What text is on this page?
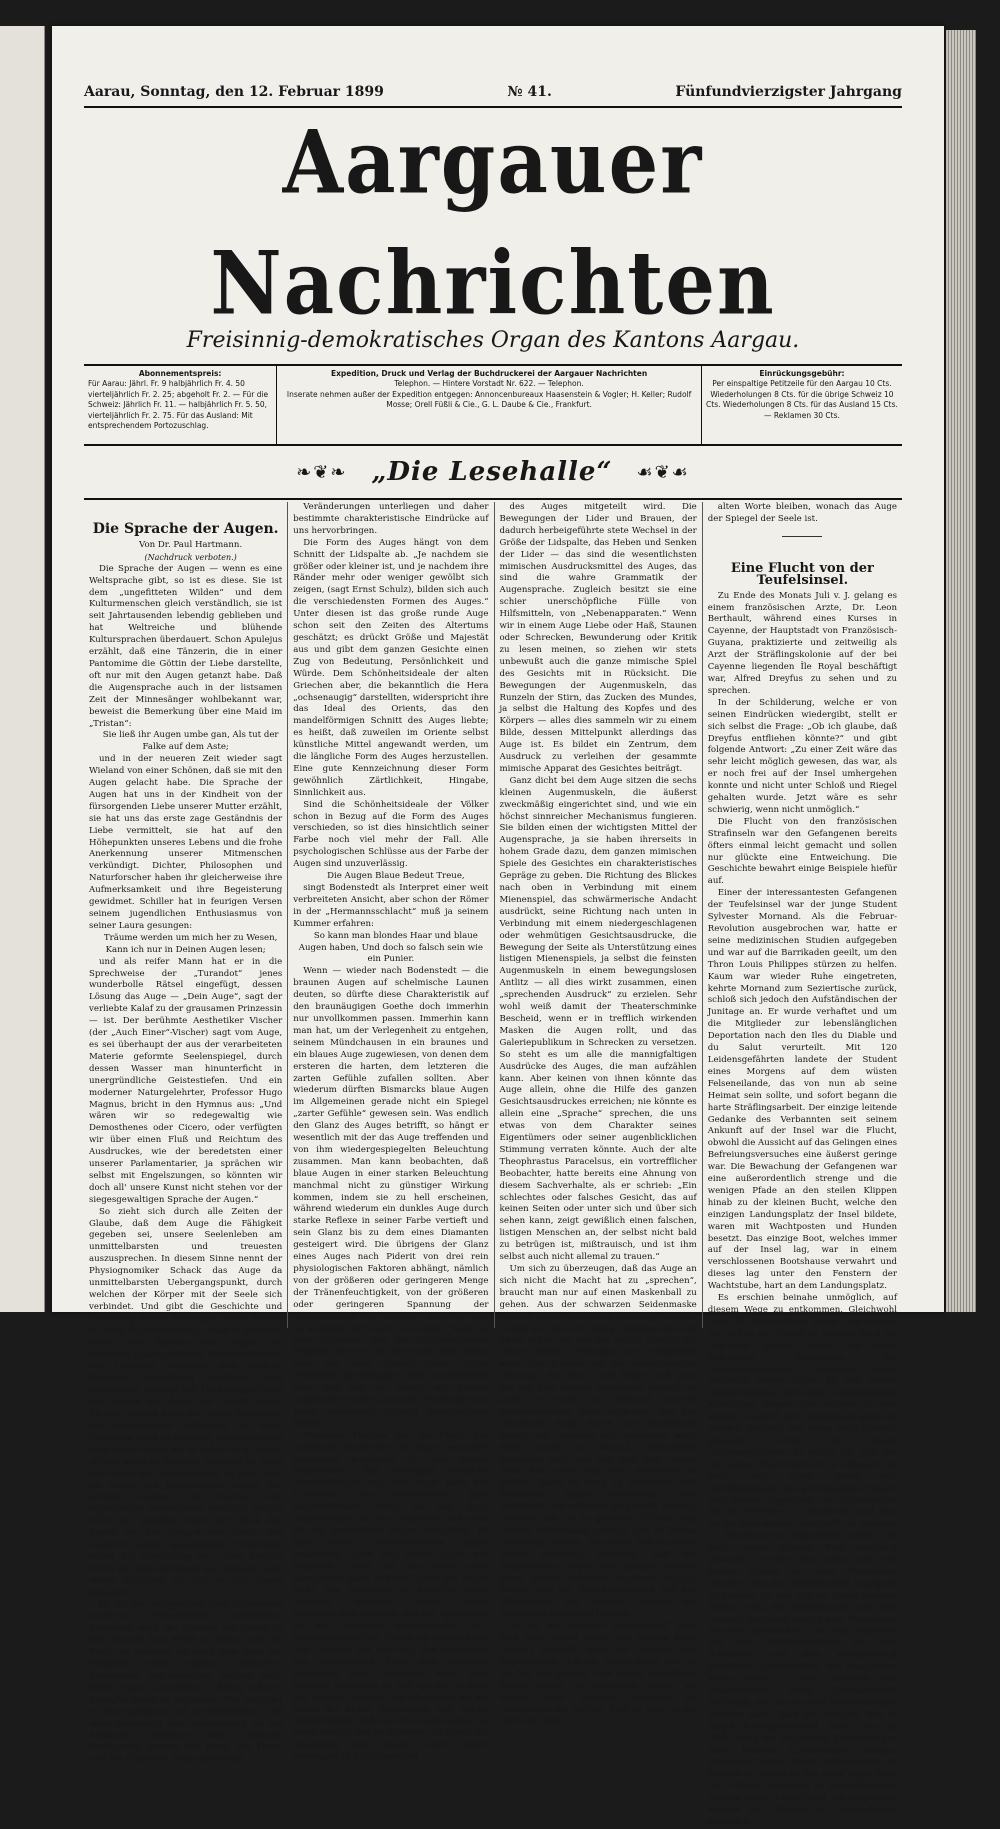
Aarau, Sonntag, den 12. Februar 1899	№ 41.	Fünfundvierzigster Jahrgang
Aargauer Nachrichten
Freisinnig-demokratisches Organ des Kantons Aargau.
Abonnementspreis:
Für Aarau: Jährl. Fr. 9 halbjährlich Fr. 4. 50 vierteljährlich Fr. 2. 25; abgeholt Fr. 2. — Für die Schweiz: Jährlich Fr. 11. — halbjährlich Fr. 5. 50, vierteljährlich Fr. 2. 75. Für das Ausland: Mit entsprechendem Portozuschlag.
Expedition, Druck und Verlag der Buchdruckerei der Aargauer Nachrichten
Telephon. — Hintere Vorstadt Nr. 622. — Telephon.
Inserate nehmen außer der Expedition entgegen: Annoncenbureaux Haasenstein & Vogler; H. Keller; Rudolf Mosse; Orell Füßli & Cie., G. L. Daube & Cie., Frankfurt.
Einrückungsgebühr:
Per einspaltige Petitzeile für den Aargau 10 Cts. Wiederholungen 8 Cts. für die übrige Schweiz 10 Cts. Wiederholungen 8 Cts. für das Ausland 15 Cts. — Reklamen 30 Cts.
❧❦❧ „Die Lesehalle“ ☙❦☙
Die Sprache der Augen.

Von Dr. Paul Hartmann.

(Nachdruck verboten.)

Die Sprache der Augen — wenn es eine Weltsprache gibt, so ist es diese. Sie ist dem „ungefitteten Wilden“ und dem Kulturmenschen gleich verständlich, sie ist seit Jahrtausenden lebendig geblieben und hat Weltreiche und blühende Kultursprachen überdauert. Schon Apulejus erzählt, daß eine Tänzerin, die in einer Pantomime die Göttin der Liebe darstellte, oft nur mit den Augen getanzt habe. Daß die Augensprache auch in der listsamen Zeit der Minnesänger wohlbekannt war, beweist die Bemerkung über eine Maid im „Tristan“:

Sie ließ ihr Augen umbe gan, Als tut der Falke auf dem Aste;

und in der neueren Zeit wieder sagt Wieland von einer Schönen, daß sie mit den Augen gelacht habe. Die Sprache der Augen hat uns in der Kindheit von der fürsorgenden Liebe unserer Mutter erzählt, sie hat uns das erste zage Geständnis der Liebe vermittelt, sie hat auf den Höhepunkten unseres Lebens und die frohe Anerkennung unserer Mitmenschen verkündigt. Dichter, Philosophen und Naturforscher haben ihr gleicherweise ihre Aufmerksamkeit und ihre Begeisterung gewidmet. Schiller hat in feurigen Versen seinem jugendlichen Enthusiasmus von seiner Laura gesungen:

Träume werden um mich her zu Wesen, Kann ich nur in Deinen Augen lesen;

und als reifer Mann hat er in die Sprechweise der „Turandot“ jenes wunderbolle Rätsel eingefügt, dessen Lösung das Auge — „Dein Auge“, sagt der verliebte Kalaf zu der grausamen Prinzessin — ist. Der berühmte Aesthetiker Vischer (der „Auch Einer“-Vischer) sagt vom Auge, es sei überhaupt der aus der verarbeiteten Materie geformte Seelenspiegel, durch dessen Wasser man hinunterficht in unergründliche Geistestiefen. Und ein moderner Naturgelehrter, Professor Hugo Magnus, bricht in den Hymnus aus: „Und wären wir so redegewaltig wie Demosthenes oder Cicero, oder verfügten wir über einen Fluß und Reichtum des Ausdruckes, wie der beredetsten einer unserer Parlamentarier, ja sprächen wir selbst mit Engelszungen, so könnten wir doch all' unsere Kunst nicht stehen vor der siegesgewaltigen Sprache der Augen.“

So zieht sich durch alle Zeiten der Glaube, daß dem Auge die Fähigkeit gegeben sei, unsere Seelenleben am unmittelbarsten und treuesten auszusprechen. In diesem Sinne nennt der Physiognomiker Schack das Auge da unmittelbarsten Uebergangspunkt, durch welchen der Körper mit der Seele sich verbindet. Und gibt die Geschichte und Erfahrung dieser Auffassung nicht Recht? Ist nicht die wunderbare, schier begeisterte Macht der Sprache des Auges von einzelnen geschichtlichen Persönlichkeiten, von Hannibal, Friedrich dem Großen, Bismarck, zuverlässig überliefert und beglaubigt? Bewingt der Tierbändiger nicht die Bestien nur durch die Gewalt seines Blickes? Schloß nicht der große Menschen- und Seelenkenner Talleyrand, um seine Gedanken nicht zu verraten, beim Sprechen gern seine Augen, die er dafür um so weiter öffnete wenn er Anderen zuhörte? Ist nicht die Macht der Augensprache so groß, daß sie selbst den pupillenlosen Augen der antiken Statuen ein reiches und ergreifendes Seelenleben verleiht? Drückt nicht das populäre Wort, der Blick der Augen sei der Spiegel der Seele, den Ausdruck langer gesammelter Erfahrung, selbst die Entstehung der Liebe einfach durch die Umschreibung aus, Jemand habe einem Mädchen zu tief in die Augen geguckt?

Es ist der neugierigen und indiskreten modernen Wissenschaft vorbehalten geblieben, auch die Sprache der Augen in den Bereich ihrer Kritik zu ziehen und die Frage zu erörtern, ob denn dem Auge die Fähigkeit eines eigenen seelischen Ausdruckes zugesprochen werden darf. Diese Frage ist zunächst in Bezug auf den Augapfel selbst zu verneinen. Der Augapfel ist bewegungslos und unveränderlich, und ohne Bewegung und Veränderung ist ein Ausdruck überhaupt nicht denkbar. Dahingegen können die Form, die Farbe und der Glanz des Auges allerdings

Veränderungen unterliegen und daher bestimmte charakteristische Eindrücke auf uns hervorbringen.

Die Form des Auges hängt von dem Schnitt der Lidspalte ab. „Je nachdem sie größer oder kleiner ist, und je nachdem ihre Ränder mehr oder weniger gewölbt sich zeigen, (sagt Ernst Schulz), bilden sich auch die verschiedensten Formen des Auges.“ Unter diesen ist das große runde Auge schon seit den Zeiten des Altertums geschätzt; es drückt Größe und Majestät aus und gibt dem ganzen Gesichte einen Zug von Bedeutung, Persönlichkeit und Würde. Dem Schönheitsideale der alten Griechen aber, die bekanntlich die Hera „ochsenaugig“ darstellten, widerspricht ihre das Ideal des Orients, das den mandelförmigen Schnitt des Auges liebte; es heißt, daß zuweilen im Oriente selbst künstliche Mittel angewandt werden, um die längliche Form des Auges herzustellen. Eine gute Kennzeichnung dieser Form gewöhnlich Zärtlichkeit, Hingabe, Sinnlichkeit aus.

Sind die Schönheitsideale der Völker schon in Bezug auf die Form des Auges verschieden, so ist dies hinsichtlich seiner Farbe noch viel mehr der Fall. Alle psychologischen Schlüsse aus der Farbe der Augen sind unzuverlässig.

Die Augen Blaue Bedeut Treue,

singt Bodenstedt als Interpret einer weit verbreiteten Ansicht, aber schon der Römer in der „Hermannsschlacht“ muß ja seinem Kummer erfahren:

So kann man blondes Haar und blaue Augen haben, Und doch so falsch sein wie ein Punier.

Wenn — wieder nach Bodenstedt — die braunen Augen auf schelmische Launen deuten, so dürfte diese Charakteristik auf den braunäugigen Goethe doch immerhin nur unvollkommen passen. Immerhin kann man hat, um der Verlegenheit zu entgehen, seinem Mündchausen in ein braunes und ein blaues Auge zugewiesen, von denen dem ersteren die harten, dem letzteren die zarten Gefühle zufallen sollten. Aber wiederum dürften Bismarcks blaue Augen im Allgemeinen gerade nicht ein Spiegel „zarter Gefühle“ gewesen sein. Was endlich den Glanz des Auges betrifft, so hängt er wesentlich mit der das Auge treffenden und von ihm wiedergespiegelten Beleuchtung zusammen. Man kann beobachten, daß blaue Augen in einer starken Beleuchtung manchmal nicht zu günstiger Wirkung kommen, indem sie zu hell erscheinen, während wiederum ein dunkles Auge durch starke Reflexe in seiner Farbe vertieft und sein Glanz bis zu dem eines Diamanten gesteigert wird. Die übrigens der Glanz eines Auges nach Piderit von drei rein physiologischen Faktoren abhängt, nämlich von der größeren oder geringeren Menge der Tränenfeuchtigkeit, von der größeren oder geringeren Spannung der Augapfelhäute und von der Farbe der Iris, so kommen wir auch von dieser Seite zu dem Ergebnis, daß die psychologischen Begriffe, die wir mit der Form oder Farbe oder mit dem Glanze eines Auges verbinden, physiologisch nicht nachweisbar sind, und daß sie ferner, wie bereits angedeutet wurde, auch der Erfahrung noch keine allgemeine Geltung beanspruchen können.

Professor Magnus hat die Frage des seelischen Ausdruckes im Auge besonders eingehend behandelt. Er hat darauf hingewiesen, daß sozusagen seelische Ausstrahlungen aus dem Auge nach der Erkenntnis der Wissenschaft ganz ausgeschlossen seien, da das Auge ausschließlich als ein rezeptives und nicht als ein produktives Organ anzusehen. Er faßt seine Untersuchungen dahin zusammen, „daß das große Auge nur frahlende Feuer mit der Seele nicht aussprühen kann, daß die Pupille des Auges nicht das Mindeste zu schaffen habe, vielmehr lediglich durch einen physikalischen Vorgang, den der Spiegelung an der Hornhaut hervorgerufen sei.“ Dennoch schafft die Forschung hiermit nicht den Umstand aus der Welt, daß tatsächlich das menschliche Auge eine vielleicht manchmal nicht zweifellos klare aber dennoch gesetzlich zu und spricht; es stellt nur andere Zeichen und Merkmale an die Stelle der bisher beachteten. Der Irrtum besteht darin, daß man die Augen selbst zu lesen meinte, was in Wahrheit nur durch die Bewegung des Auges, sowie durch Bewegung in der Umgebung

des Auges mitgeteilt wird. Die Bewegungen der Lider und Brauen, der dadurch herbeigeführte stete Wechsel in der Größe der Lidspalte, das Heben und Senken der Lider — das sind die wesentlichsten mimischen Ausdrucksmittel des Auges, das sind die wahre Grammatik der Augensprache. Zugleich besitzt sie eine schier unerschöpfliche Fülle von Hilfsmitteln, von „Nebenapparaten.“ Wenn wir in einem Auge Liebe oder Haß, Staunen oder Schrecken, Bewunderung oder Kritik zu lesen meinen, so ziehen wir stets unbewußt auch die ganze mimische Spiel des Gesichts mit in Rücksicht. Die Bewegungen der Augenmuskeln, das Runzeln der Stirn, das Zucken des Mundes, ja selbst die Haltung des Kopfes und des Körpers — alles dies sammeln wir zu einem Bilde, dessen Mittelpunkt allerdings das Auge ist. Es bildet ein Zentrum, dem Ausdruck zu verleihen der gesammte mimische Apparat des Gesichtes beiträgt.

Ganz dicht bei dem Auge sitzen die sechs kleinen Augenmuskeln, die äußerst zweckmäßig eingerichtet sind, und wie ein höchst sinnreicher Mechanismus fungieren. Sie bilden einen der wichtigsten Mittel der Augensprache, ja sie haben ihrerseits in hohem Grade dazu, dem ganzen mimischen Spiele des Gesichtes ein charakteristisches Gepräge zu geben. Die Richtung des Blickes nach oben in Verbindung mit einem Mienenspiel, das schwärmerische Andacht ausdrückt, seine Richtung nach unten in Verbindung mit einem niedergeschlagenen oder wehmütigen Gesichtsausdrucke, die Bewegung der Seite als Unterstützung eines listigen Mienenspiels, ja selbst die feinsten Augenmuskeln in einem bewegungslosen Antlitz — all dies wirkt zusammen, einen „sprechenden Ausdruck“ zu erzielen. Sehr wohl weiß damit der Theaterschminke Bescheid, wenn er in trefflich wirkenden Masken die Augen rollt, und das Galeriepublikum in Schrecken zu versetzen. So steht es um alle die mannigfaltigen Ausdrücke des Auges, die man aufzählen kann. Aber keinen von ihnen könnte das Auge allein, ohne die Hilfe des ganzen Gesichtsausdruckes erreichen; nie könnte es allein eine „Sprache“ sprechen, die uns etwas von dem Charakter seines Eigentümers oder seiner augenblicklichen Stimmung verraten könnte. Auch der alte Theophrastus Paracelsus, ein vortrefflicher Beobachter, hatte bereits eine Ahnung von diesem Sachverhalte, als er schrieb: „Ein schlechtes oder falsches Gesicht, das auf keinen Seiten oder unter sich und über sich sehen kann, zeigt gewißlich einen falschen, listigen Menschen an, der selbst nicht bald zu betrügen ist, mißtrauisch, und ist ihm selbst auch nicht allemal zu trauen.“

Um sich zu überzeugen, daß das Auge an sich nicht die Macht hat zu „sprechen“, braucht man nur auf einen Maskenball zu gehen. Aus der schwarzen Seidenmaske funkeln uns da zwei eifrig lebendige ein Paar Augen an. Und wie wenig vermögen sie uns da zu sagen, wo uns das übrige Gesicht mit seiner Mimik verborgen ist! Umgekehrt aber: hat Jemand ein gut nachgeahmtes Glasauge, das sich in der Regel auch ganz gut mit dem andern zusammen bewegt, so kann es nicht nur niemand unserer Aufmerksamkeit ganz entgehen, daß das natürliche Auge durch ein künstliches ersetzt ist, sondern wir vermissen auch dann, wenn wir darauf aufmerksam geworden sind, daß das eine Auge etwas mehr hat, nicht aus dem Ausdrucke in beiden. Dabei ist noch zu bemerken, daß künstliche Augen keineswegs sehr individuell und raffiniert hergestellt werden, sondern daß sie in gewissen Größen und Farben fabrikmäßig erzeugt und in Masse vertrieben werden. So erklärt sich auch der früher erwähnte Umstand, daß die pupillenlosen Augen der antiken Statuen einen höchst belebten Ausdruck zeigen, daraus, daß der Gesichtsausdruck und das Mienenspiel des ganzen Gesichts ihn wesentlich bildet und bedingt.

So hat die moderne Wissenschaft wohl dem Auge selbst etwas von seinem alten Nimbus geraubt, aber die Existenz der Augensprache hat sie eindrücklich nun, ja sie hat uns gelehrt, ihre schier unendliche Macht besser zu verstehen, indem sie erwies, über welchen Reichtum an Hilfsmitteln sie verfügt. Und so darf es mit Recht bei dem

alten Worte bleiben, wonach das Auge der Spiegel der Seele ist.

Eine Flucht von der Teufelsinsel.

Zu Ende des Monats Juli v. J. gelang es einem französischen Arzte, Dr. Leon Berthault, während eines Kurses in Cayenne, der Hauptstadt von Französisch-Guyana, praktizierte und zeitweilig als Arzt der Sträflingskolonie auf der bei Cayenne liegenden Île Royal beschäftigt war, Alfred Dreyfus zu sehen und zu sprechen.

In der Schilderung, welche er von seinen Eindrücken wiedergibt, stellt er sich selbst die Frage: „Ob ich glaube, daß Dreyfus entfliehen könnte?“ und gibt folgende Antwort: „Zu einer Zeit wäre das sehr leicht möglich gewesen, das war, als er noch frei auf der Insel umhergehen konnte und nicht unter Schloß und Riegel gehalten wurde. Jetzt wäre es sehr schwierig, wenn nicht unmöglich.“

Die Flucht von den französischen Strafinseln war den Gefangenen bereits öfters einmal leicht gemacht und sollen nur glückte eine Entweichung. Die Geschichte bewahrt einige Beispiele hiefür auf.

Einer der interessantesten Gefangenen der Teufelsinsel war der junge Student Sylvester Mornand. Als die Februar-Revolution ausgebrochen war, hatte er seine medizinischen Studien aufgegeben und war auf die Barrikaden geeilt, um den Thron Louis Philippes stürzen zu helfen. Kaum war wieder Ruhe eingetreten, kehrte Mornand zum Seziertische zurück, schloß sich jedoch den Aufständischen der Junitage an. Er wurde verhaftet und um die Mitglieder zur lebenslänglichen Deportation nach den Iles du Diable und du Salut verurteilt. Mit 120 Leidensgefährten landete der Student eines Morgens auf dem wüsten Felseneilande, das von nun ab seine Heimat sein sollte, und sofort begann die harte Sträflingsarbeit. Der einzige leitende Gedanke des Verbannten seit seinem Ankunft auf der Insel war die Flucht, obwohl die Aussicht auf das Gelingen eines Befreiungsversuches eine äußerst geringe war. Die Bewachung der Gefangenen war eine außerordentlich strenge und die wenigen Pfade an den steilen Klippen hinab zu der kleinen Bucht, welche den einzigen Landungsplatz der Insel bildete, waren mit Wachtposten und Hunden besetzt. Das einzige Boot, welches immer auf der Insel lag, war in einem verschlossenen Bootshause verwahrt und dieses lag unter den Fenstern der Wachtstube, hart an dem Landungsplatz.

Es erschien beinahe unmöglich, auf diesem Wege zu entkommen. Gleichwohl trieb die Verzweiflung einige Deportierte, ihr Heil in der Flucht zu suchen; doch ihr Beginnen glückte nicht und diese Mißerfolge ermutigten die Zurückgebliebenen. Sylvester allein vertraute seinen Stern. Er war seines Wohlverhaltens und seiner medizinischen Kenntnisse wegen zum Wärter in dem kleinen Lazarett der Teufelsinsel gemacht worden, wodurch ihm etwas mehr Freiheit gelassen wurde, als seinen Leidensgefährten. Er wußte sie gut, um für seinen Fluchtversuch zu arbeiten. Er hatte sich einen Vorrat von Schiffszwieback und getrocknetem Fleisch vom Munde abgedarbt, um Lebensmittel für die Seereise zu bekommen und sich einige Bleckgefäße verschafft, in welchen er Wasservorrat mitnehmen wollte. Er hatte einen eigenen Plan ausfindig gemacht, welcher ihm, wenn auch mit großer Gefahr, zu dem Bootshause brachte, ohne den Schildwachen begegnen zu müssen. Er war sich an einem dunklen Nachte trotz der Schildwachen und dem Lazarett gestiegen und zu dem Bootshause hinunter geschlichen, um sich Abdrücke von den Schlüssellöchern an dem Schlossern und dem Vorlegeschloß desselben zu verschaffen. Mit unsäglicher Mühe hatte er sich hiernach aus entwendetem Draht Nachschlüssel verfertigt, und als er seine Vorbereitungen beendet hatte, kam ein Ereignis, das er längst herbeigewünscht hatte, ihm zu Hilfe, denn die englischen Schilderungen eines kranken Unteroffiziers erlagen, welcher zu seiner Flucht verführt hatte. So begann er, gelang es ihm eines Tages beim Fort William Frederick in Niederländisch-Guyana einem Oberoffizier der englischen Kolonie die Effekten des Unteroffiziers gefunden
